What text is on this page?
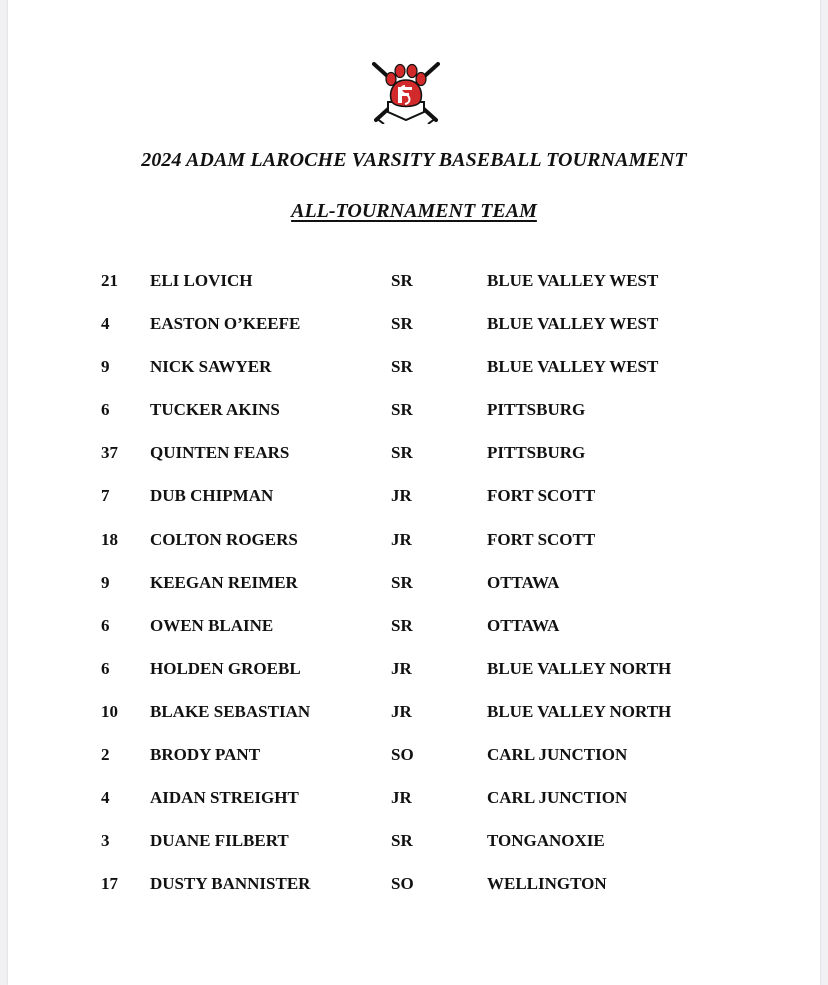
2024 ADAM LAROCHE VARSITY BASEBALL TOURNAMENT
ALL-TOURNAMENT TEAM
21 ELI LOVICH	SR	BLUE VALLEY WEST
4 EASTON O’KEEFE	SR	BLUE VALLEY WEST
9 NICK SAWYER	SR	BLUE VALLEY WEST
6 TUCKER AKINS	SR	PITTSBURG
37 QUINTEN FEARS	SR	PITTSBURG
7 DUB CHIPMAN	JR	FORT SCOTT
18 COLTON ROGERS	JR	FORT SCOTT
9 KEEGAN REIMER	SR	OTTAWA
6 OWEN BLAINE	SR	OTTAWA
6 HOLDEN GROEBL	JR	BLUE VALLEY NORTH
10 BLAKE SEBASTIAN	JR	BLUE VALLEY NORTH
2 BRODY PANT	SO	CARL JUNCTION
4 AIDAN STREIGHT	JR	CARL JUNCTION
3 DUANE FILBERT	SR	TONGANOXIE
17 DUSTY BANNISTER	SO	WELLINGTON
